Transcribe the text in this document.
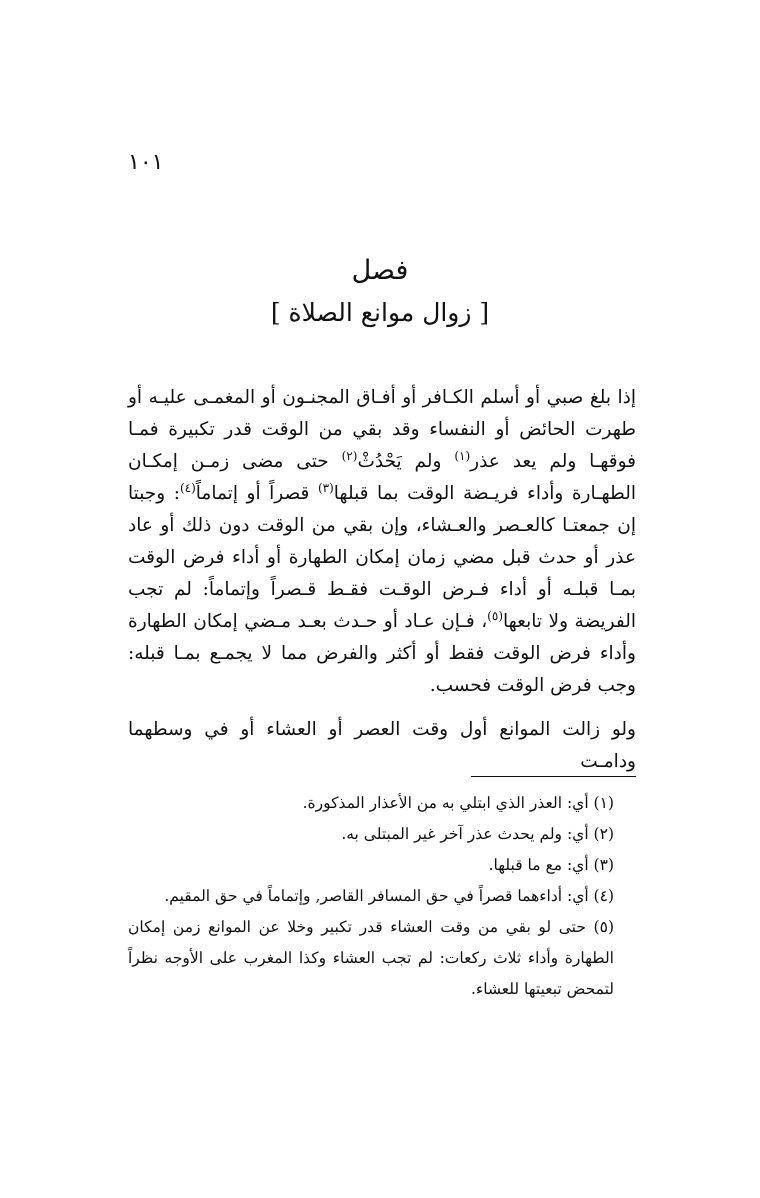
١٠١
فصل
[ زوال موانع الصلاة ]

إذا بلغ صبي أو أسلم الكـافر أو أفـاق المجنـون أو المغمـى عليـه أو طهرت الحائض أو النفساء وقد بقي من الوقت قدر تكبيرة فمـا فوقهـا ولم يعد عذر$^{(١)}$ ولم يَحْدُثْ$^{(٢)}$ حتى مضى زمـن إمكـان الطهـارة وأداء فريـضة الوقت بما قبلها$^{(٣)}$ قصراً أو إتماماً$^{(٤)}$: وجبتا إن جمعتـا كالعـصر والعـشاء، وإن بقي من الوقت دون ذلك أو عاد عذر أو حدث قبل مضي زمان إمكان الطهارة أو أداء فرض الوقت بمـا قبلـه أو أداء فـرض الوقـت فقـط قـصراً وإتماماً: لم تجب الفريضة ولا تابعها$^{(٥)}$، فـإن عـاد أو حـدث بعـد مـضي إمكان الطهارة وأداء فرض الوقت فقط أو أكثر والفرض مما لا يجمـع بمـا قبله: وجب فرض الوقت فحسب.

ولو زالت الموانع أول وقت العصر أو العشاء أو في وسطهما ودامـت

(١) أي: العذر الذي ابتلي به من الأعذار المذكورة.
(٢) أي: ولم يحدث عذر آخر غير المبتلى به.
(٣) أي: مع ما قبلها.
(٤) أي: أداءهما قصراً في حق المسافر القاصر, وإتماماً في حق المقيم.
(٥) حتى لو بقي من وقت العشاء قدر تكبير وخلا عن الموانع زمن إمكان الطهارة وأداء ثلاث ركعات: لم تجب العشاء وكذا المغرب على الأوجه نظراً لتمحض تبعيتها للعشاء.
